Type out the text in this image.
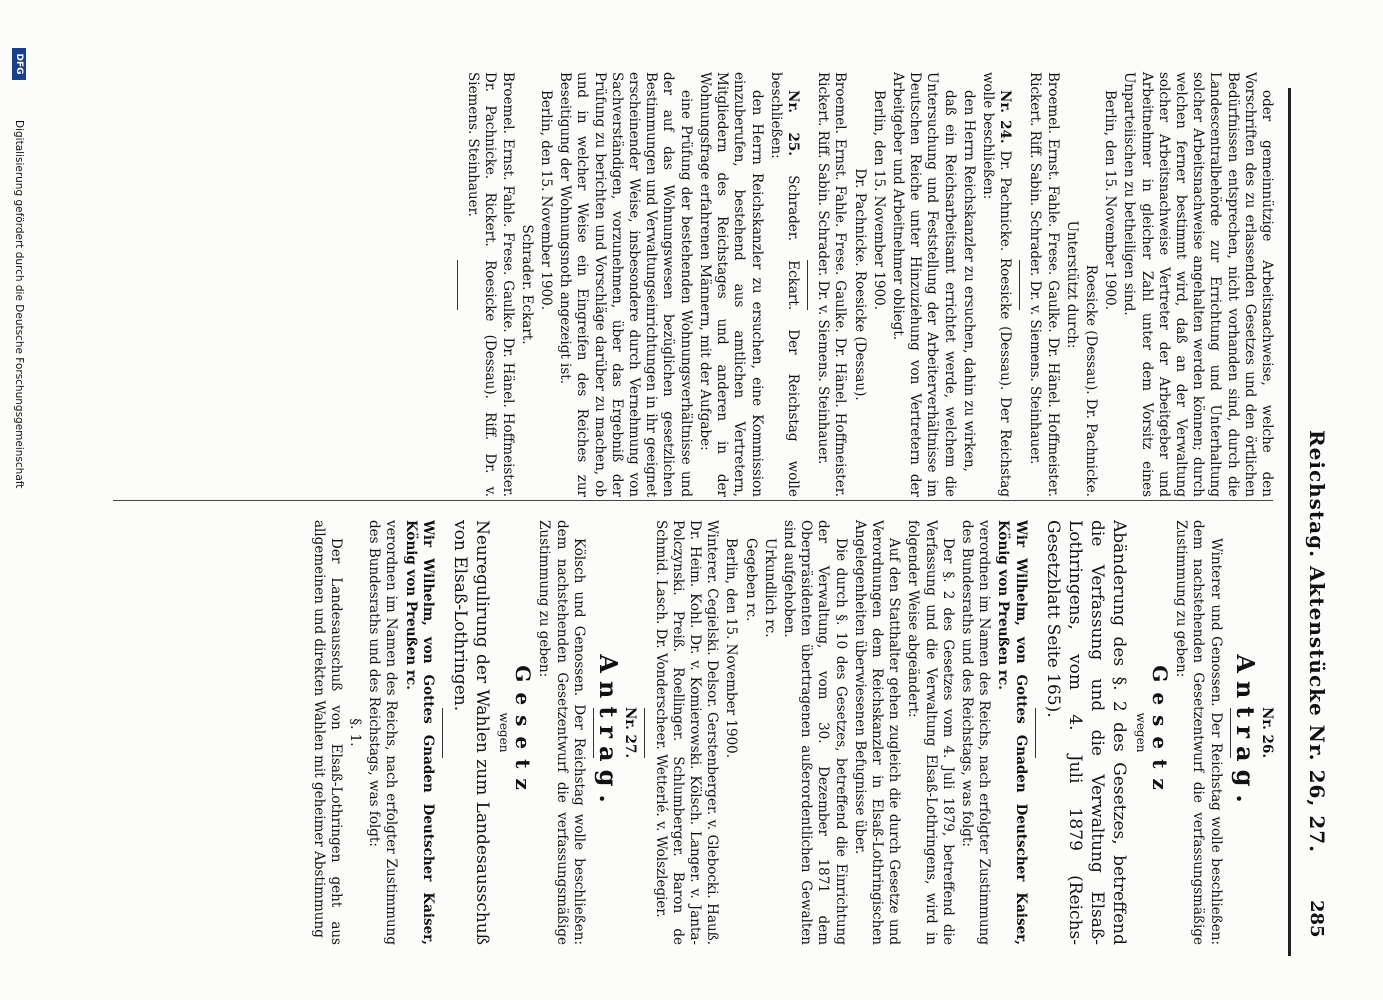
Reichstag. Aktenstücke Nr. 26, 27.
285

oder gemeinnützige Arbeitsnachweise, welche den Vorschriften des zu erlassenden Gesetzes und den örtlichen Bedürfnissen entsprechen, nicht vorhanden sind, durch die Landescentralbehörde zur Errichtung und Unterhaltung solcher Arbeitsnachweise angehalten werden können; durch welchen ferner bestimmt wird, daß an der Verwaltung solcher Arbeitsnachweise Vertreter der Arbeitgeber und Arbeitnehmer in gleicher Zahl unter dem Vorsitz eines Unparteiischen zu betheiligen sind.

Berlin, den 15. November 1900.

Roesicke (Dessau). Dr. Pachnicke.

Unterstützt durch:

Broemel. Ernst. Fahle. Frese. Gaulke. Dr. Hänel. Hoffmeister. Rickert. Riff. Sabin. Schrader. Dr. v. Siemens. Steinhauer.

Nr. 24. Dr. Pachnicke. Roesicke (Dessau). Der Reichstag wolle beschließen:

den Herrn Reichskanzler zu ersuchen, dahin zu wirken,

daß ein Reichsarbeitsamt errichtet werde, welchem die Untersuchung und Feststellung der Arbeiterverhältnisse im Deutschen Reiche unter Hinzuziehung von Vertretern der Arbeitgeber und Arbeitnehmer obliegt.

Berlin, den 15. November 1900.

Dr. Pachnicke. Roesicke (Dessau).

Broemel. Ernst. Fahle. Frese. Gaulke. Dr. Hänel. Hoffmeister. Rickert. Riff. Sabin. Schrader. Dr. v. Siemens. Steinhauer.

Nr. 25. Schrader. Eckart. Der Reichstag wolle beschließen:

den Herrn Reichskanzler zu ersuchen, eine Kommission einzuberufen, bestehend aus amtlichen Vertretern, Mitgliedern des Reichstages und anderen in der Wohnungsfrage erfahrenen Männern, mit der Aufgabe:

eine Prüfung der bestehenden Wohnungsverhältnisse und der auf das Wohnungswesen bezüglichen gesetzlichen Bestimmungen und Verwaltungseinrichtungen in ihr geeignet erscheinender Weise, insbesondere durch Vernehmung von Sachverständigen, vorzunehmen, über das Ergebniß der Prüfung zu berichten und Vorschläge darüber zu machen, ob und in welcher Weise ein Eingreifen des Reiches zur Beseitigung der Wohnungsnoth angezeigt ist.

Berlin, den 15. November 1900.

Schrader. Eckart.

Broemel. Ernst. Fahle. Frese. Gaulke. Dr. Hänel. Hoffmeister. Dr. Pachnicke. Rickert. Roesicke (Dessau). Riff. Dr. v. Siemens. Steinhauer.

Nr. 26.

Antrag.

Winterer und Genossen. Der Reichstag wolle beschließen: dem nachstehenden Gesetzentwurf die verfassungsmäßige Zustimmung zu geben:

Gesetz

wegen

Abänderung des §. 2 des Gesetzes, betreffend die Verfassung und die Verwaltung Elsaß-Lothringens, vom 4. Juli 1879 (Reichs-Gesetzblatt Seite 165).

Wir Wilhelm, von Gottes Gnaden Deutscher Kaiser, König von Preußen rc.

verordnen im Namen des Reichs, nach erfolgter Zustimmung des Bundesraths und des Reichstags, was folgt:

Der §. 2 des Gesetzes vom 4. Juli 1879, betreffend die Verfassung und die Verwaltung Elsaß-Lothringens, wird in folgender Weise abgeändert:

Auf den Statthalter gehen zugleich die durch Gesetze und Verordnungen dem Reichskanzler in Elsaß-Lothringischen Angelegenheiten überwiesenen Befugnisse über.

Die durch §. 10 des Gesetzes, betreffend die Einrichtung der Verwaltung, vom 30. Dezember 1871 dem Oberpräsidenten übertragenen außerordentlichen Gewalten sind aufgehoben.

Urkundlich rc.

Gegeben rc.

Berlin, den 15. November 1900.

Winterer. Cegielski. Delsor. Gerstenberger. v. Glebocki. Hauß. Dr. Heim. Kohl. Dr. v. Komierowski. Kölsch. Langer. v. Janta-Polczynski. Preiß. Roellinger. Schlumberger. Baron de Schmid. Lasch. Dr. Vonderscheer. Wetterlé. v. Wolszlegier.

Nr. 27.

Antrag.

Kölsch und Genossen. Der Reichstag wolle beschließen: dem nachstehenden Gesetzentwurf die verfassungsmäßige Zustimmung zu geben:

Gesetz

wegen

Neuregulirung der Wahlen zum Landesausschuß von Elsaß-Lothringen.

Wir Wilhelm, von Gottes Gnaden Deutscher Kaiser, König von Preußen rc.

verordnen im Namen des Reichs, nach erfolgter Zustimmung des Bundesraths und des Reichstags, was folgt:

§. 1.

Der Landesausschuß von Elsaß-Lothringen geht aus allgemeinen und direkten Wahlen mit geheimer Abstimmung

DFG
Digitalisierung gefördert durch die Deutsche Forschungsgemeinschaft
